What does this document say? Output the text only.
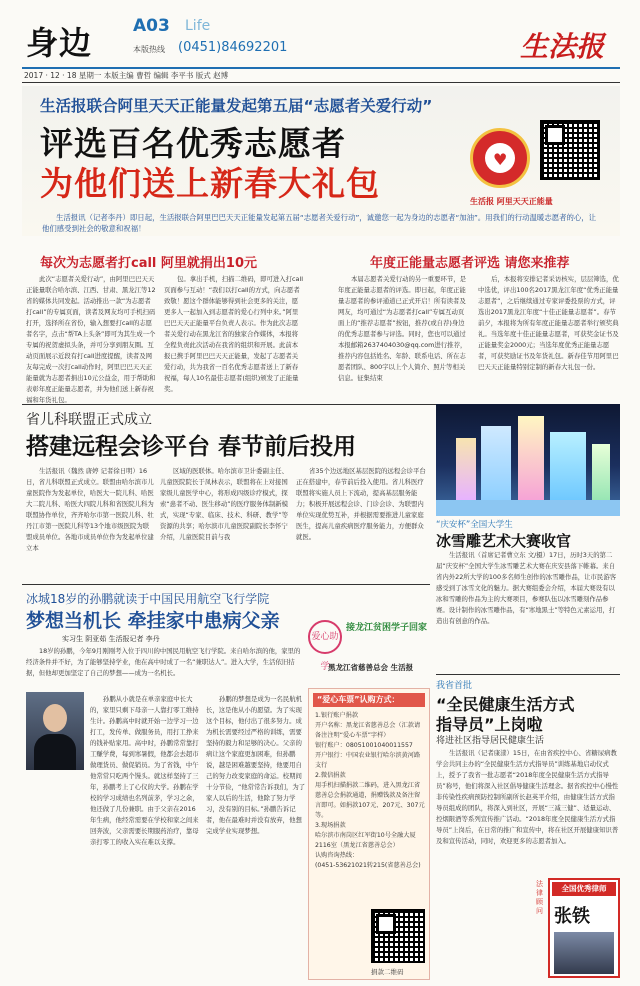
身边 A03 Life
本版热线 (0451)84692201	生法报
2017 · 12 · 18 星期一 本版主编 曹哲 编辑 李平书 版式 赵博
生活报联合阿里天天正能量发起第五届“志愿者关爱行动”
评选百名优秀志愿者
为他们送上新春大礼包
♥
生活报 阿里天天正能量
生活报讯（记者李丹）即日起，生活报联合阿里巴巴天天正能量发起第五届“志愿者关爱行动”，诚邀您一起为身边的志愿者“加油”。用我们的行动温暖志愿者的心，让他们感受到社会的敬意和祝福！
每次为志愿者打call 阿里就捐出10元	年度正能量志愿者评选 请您来推荐

此次“志愿者关爱行动”，由阿里巴巴天天正能量联合哈尔滨、江西、甘肃、黑龙江等12省的媒体共同发起。活动推出一款“为志愿者打call”的专属页面，读者及网友均可手机扫码打开，选择所在省份，输入想要打call的志愿者名字，点击“帮TA上头条”即可为其生成一个专属的祝贺虚拟头条，并可分享到朋友圈。互动页面展示近段有打call进度提醒，读者及网友每完成一次打call动作时，阿里巴巴天天正能量就为志愿者捐出10元公益金，用于帮助和表彰年度正能量志愿者，并为他们送上新春祝福和年货礼包。

包。拿出手机，扫描二维码，即可进入打call页面参与互动！“我们以打call的方式，向志愿者致敬！愿这个群体能够得到社会更多的关注，愿更多人一起加入到志愿者的爱心行列中来。”阿里巴巴天天正能量平台负责人表示。作为此次志愿者关爱行动在黑龙江省的独家合作媒体，本报将全程负责此次活动在我省的组织和开展。此前本报已携手阿里巴巴天天正能量，发起了志愿者关爱行动，共为我省一百名优秀志愿者送上了新春祝福，每人10名最佳志愿者(组织)颁发了正能量奖。

本届志愿者关爱行动的另一重要环节，是年度正能量志愿者的评选。即日起，年度正能量志愿者的参评通道已正式开启！所有读者及网友，均可通过“为志愿者打call”专属互动页面上的“推荐志愿者”按钮，推荐(或自荐)身边的优秀志愿者参与评选。同时，您也可以通过本报邮箱2637404030@qq.com进行推荐，推荐内容包括姓名、年龄、联系电话、所在志愿者团队、800字以上个人简介、照片等相关信息。征集结束

后，本报将安排记者采访核实，层层筛选，优中选优，评出100名2017黑龙江年度“优秀正能量志愿者”，之后继续通过专家评委投票的方式，评选出2017黑龙江年度“十佳正能量志愿者”。春节前夕，本报将为所有年度正能量志愿者举行颁奖典礼。当选年度十佳正能量志愿者，可获奖金证书及正能量奖金2000元；当选年度优秀正能量志愿者，可获奖励证书及年货礼包。新春佳节用阿里巴巴天天正能量特别定制的新春大礼包一份。

省儿科联盟正式成立
搭建远程会诊平台 春节前后投用

生活报讯（魏然 唐婷 记者徐日明）16日，省儿科联盟正式成立。联盟由哈尔滨市儿童医院作为发起单位，哈医大一院儿科、哈医大二院儿科、哈医大四院儿科和省医院儿科为联盟协作单位，齐齐哈尔市第一医院儿科、牡丹江市第一医院儿科等13个地市级医院为联盟成员单位。各地市成员单位作为发起单位建立本

区域的医联体。哈尔滨市卫计委副主任、儿童医院院长于凤林表示，联盟将在上对接国家级儿童医学中心，将形成四级诊疗模式，探索“患者不动、医生移动”的医疗服务体制新模式，实现“专家、临床、技术、科研、教学”等资源的共享；哈尔滨市儿童医院副院长李怀宁介绍，儿童医院目前与我

省35个边远地区基层医院的远程会诊平台正在搭建中，春节前后投入使用。省儿科医疗联盟将实施人员上下流动，提高基层服务能力；积极开展远程会诊、门诊会诊、为联盟内单位实现优势互补，并根据需要推进儿童家庭医生，提高儿童疾病医疗服务能力，方便群众就医。

“庆安杯”全国大学生
冰雪雕艺术大赛收官

生活报讯（首席记者曹立东 文/摄）17日，历时3天的第二届“庆安杯”全国大学生冰雪雕艺术大赛在庆安县落下帷幕。来自省内外22所大学的100多名师生创作的冰雪雕作品，让市民游客感受到了冰雪文化的魅力。据大赛组委会介绍，本届大赛设有以冰和雪雕的作品为主的大赛项目，参赛队伍以冰雪雕刻作品参赛。设计制作的冰雪雕作品，有“寒地黑土”等特色元素运用，打造出有创意的作品。

冰城18岁的孙鹏就读于中国民用航空飞行学院
梦想当机长 牵挂家中患病父亲
爱心助学
接龙江贫困学子回家
黑龙江省慈善总会 生活报
实习生 阴亚茹 生活报记者 李丹

18岁的孙鹏，今年9月刚刚考入位于四川的中国民用航空飞行学院。来自哈尔滨的他，家里的经济条件并不好，为了能够坚持学业，他在高中时成了一名“兼职达人”。进入大学，生活依旧拮据，但他却更加坚定了自己的梦想——成为一名机长。

孙鹏从小就是在单亲家庭中长大的，家里只剩下母亲一人靠打零工维持生计。孙鹏高中时就开始一边学习一边打工，发传单、做服务员，用打工挣来的钱补贴家用。高中时，孙鹏常常靠打工赚学费，每到寒暑假，他都会去超市做理货员、做促销员。为了省钱，中午他常常只吃两个馒头。就这样坚持了三年，孙鹏考上了心仪的大学。孙鹏在学校的学习成绩也名列前茅，学习之余，他还做了几份兼职。由于父亲在2016年生病，他经常需要在学校和家之间来回奔波，父亲需要长期服药治疗，靠母亲打零工的收入实在难以支撑。

孙鹏的梦想是成为一名民航机长，这是他从小的愿望。为了实现这个目标，他付出了很多努力。成为机长需要经过严格的训练，需要坚持的毅力和足够的决心。父亲的病让这个家庭更加困难，但孙鹏说，越是困难越要坚持，他要用自己的努力改变家庭的命运。校期间十分节俭，“他常常告诉我们，为了家人以后的生活，他除了努力学习，没有别的目标。”孙鹏告诉记者，他在最难时并没有放弃，他想完成学业实现梦想。

“爱心车票”认购方式：
1.银行账户捐款
开户名称：黑龙江省慈善总会（汇款请备注注明“爱心车票”字样）
银行账户：08051001040011557
开户银行：中国农业银行哈尔滨黄河路支行
2.微信捐款
用手机扫描捐款二维码，进入黑龙江省慈善总会捐款通道，捐赠钱款及备注留言即可。如捐款107元、207元、307元等。
3.现场捐款
哈尔滨市南岗区红军街10号全融大厦2116室（黑龙江省慈善总会）
认购咨询热线：
(0451-53621021转215(省慈善总会)
捐款二维码
我省首批
“全民健康生活方式
指导员”上岗啦
将进社区指导居民健康生活

生活报讯（记者康漾）15日，在由省疾控中心、省糖尿病教学会共同主办的“全民健康生活方式指导员”训练基地启动仪式上，授予了我省一批志愿者“2018年度全民健康生活方式指导员”称号，他们将深入社区倡导健康生活理念。据省疾控中心慢性非传染性疾病预防控制所副所长赵英平介绍，由健康生活方式指导员组成的团队，将深入到社区，开展“三减三健”、适量运动、控烟限酒等系列宣传推广活动。“2018年度全民健康生活方式指导员”上岗后，在日常的推广和宣传中，将在社区开展健康知识普及和宣传活动，同时，欢迎更多的志愿者加入。

全国优秀律师
张铁
法律顾问
